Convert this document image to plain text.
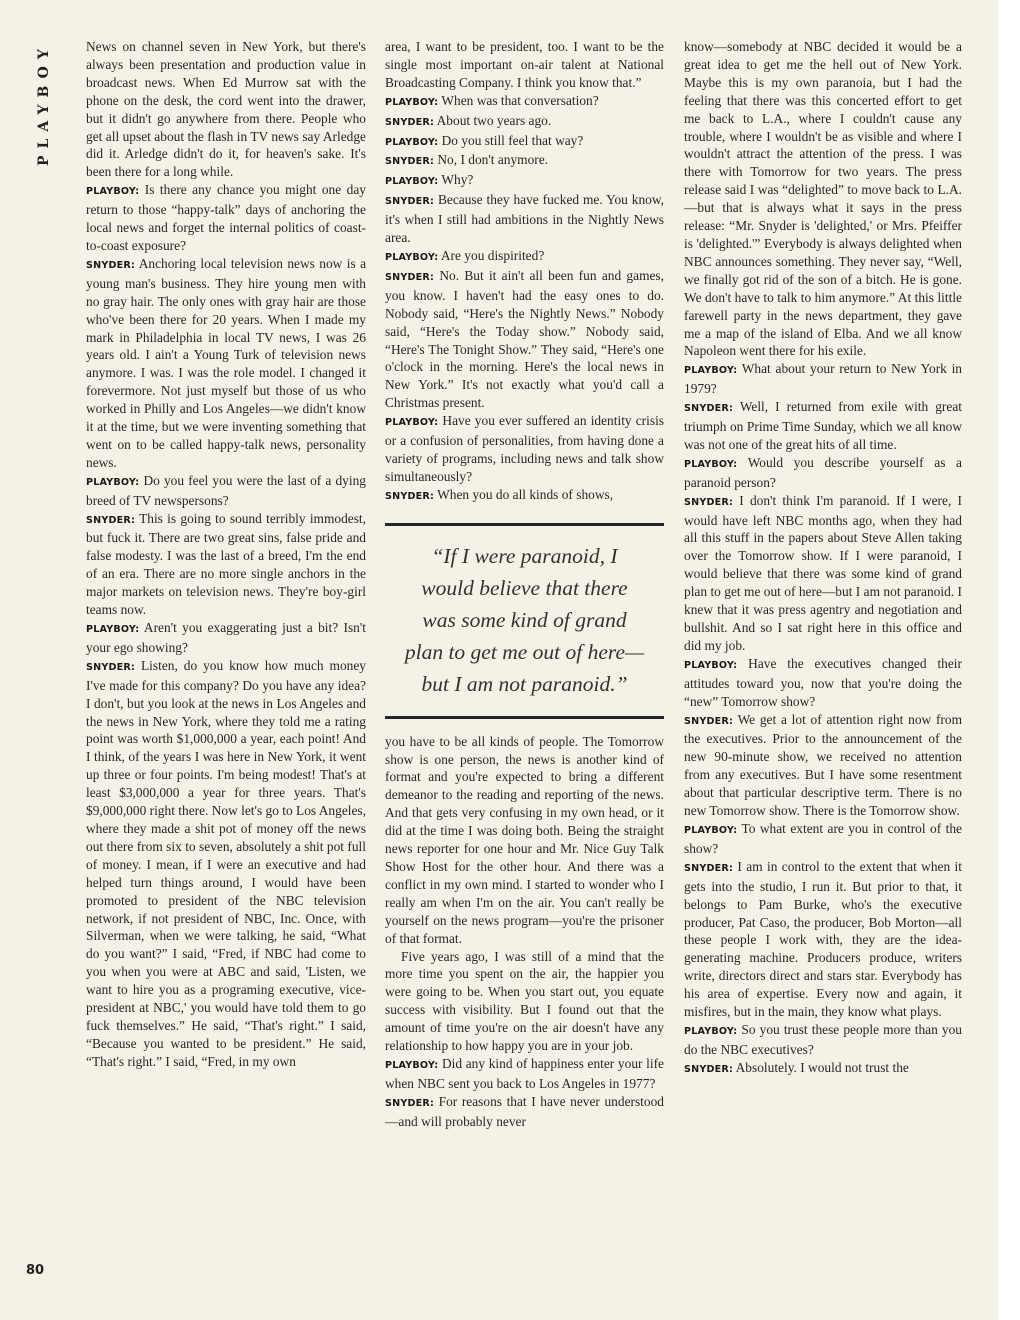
PLAYBOY
80

News on channel seven in New York, but there's always been presentation and production value in broadcast news. When Ed Murrow sat with the phone on the desk, the cord went into the drawer, but it didn't go anywhere from there. People who get all upset about the flash in TV news say Arledge did it. Arledge didn't do it, for heaven's sake. It's been there for a long while.

PLAYBOY: Is there any chance you might one day return to those “happy-talk” days of anchoring the local news and forget the internal politics of coast-to-coast exposure?

SNYDER: Anchoring local television news now is a young man's business. They hire young men with no gray hair. The only ones with gray hair are those who've been there for 20 years. When I made my mark in Philadelphia in local TV news, I was 26 years old. I ain't a Young Turk of television news anymore. I was. I was the role model. I changed it forevermore. Not just myself but those of us who worked in Philly and Los Angeles—we didn't know it at the time, but we were inventing something that went on to be called happy-talk news, personality news.

PLAYBOY: Do you feel you were the last of a dying breed of TV newspersons?

SNYDER: This is going to sound terribly immodest, but fuck it. There are two great sins, false pride and false modesty. I was the last of a breed, I'm the end of an era. There are no more single anchors in the major markets on television news. They're boy-girl teams now.

PLAYBOY: Aren't you exaggerating just a bit? Isn't your ego showing?

SNYDER: Listen, do you know how much money I've made for this company? Do you have any idea? I don't, but you look at the news in Los Angeles and the news in New York, where they told me a rating point was worth $1,000,000 a year, each point! And I think, of the years I was here in New York, it went up three or four points. I'm being modest! That's at least $3,000,000 a year for three years. That's $9,000,000 right there. Now let's go to Los Angeles, where they made a shit pot of money off the news out there from six to seven, absolutely a shit pot full of money. I mean, if I were an executive and had helped turn things around, I would have been promoted to president of the NBC television network, if not president of NBC, Inc. Once, with Silverman, when we were talking, he said, “What do you want?” I said, “Fred, if NBC had come to you when you were at ABC and said, 'Listen, we want to hire you as a programing executive, vice-president at NBC,' you would have told them to go fuck themselves.” He said, “That's right.” I said, “Because you wanted to be president.” He said, “That's right.” I said, “Fred, in my own

area, I want to be president, too. I want to be the single most important on-air talent at National Broadcasting Company. I think you know that.”

PLAYBOY: When was that conversation?

SNYDER: About two years ago.

PLAYBOY: Do you still feel that way?

SNYDER: No, I don't anymore.

PLAYBOY: Why?

SNYDER: Because they have fucked me. You know, it's when I still had ambitions in the Nightly News area.

PLAYBOY: Are you dispirited?

SNYDER: No. But it ain't all been fun and games, you know. I haven't had the easy ones to do. Nobody said, “Here's the Nightly News.” Nobody said, “Here's the Today show.” Nobody said, “Here's The Tonight Show.” They said, “Here's one o'clock in the morning. Here's the local news in New York.” It's not exactly what you'd call a Christmas present.

PLAYBOY: Have you ever suffered an identity crisis or a confusion of personalities, from having done a variety of programs, including news and talk show simultaneously?

SNYDER: When you do all kinds of shows,

“If I were paranoid, I
would believe that there
was some kind of grand
plan to get me out of here—
but I am not paranoid.”

you have to be all kinds of people. The Tomorrow show is one person, the news is another kind of format and you're expected to bring a different demeanor to the reading and reporting of the news. And that gets very confusing in my own head, or it did at the time I was doing both. Being the straight news reporter for one hour and Mr. Nice Guy Talk Show Host for the other hour. And there was a conflict in my own mind. I started to wonder who I really am when I'm on the air. You can't really be yourself on the news program—you're the prisoner of that format.

Five years ago, I was still of a mind that the more time you spent on the air, the happier you were going to be. When you start out, you equate success with visibility. But I found out that the amount of time you're on the air doesn't have any relationship to how happy you are in your job.

PLAYBOY: Did any kind of happiness enter your life when NBC sent you back to Los Angeles in 1977?

SNYDER: For reasons that I have never understood—and will probably never

know—somebody at NBC decided it would be a great idea to get me the hell out of New York. Maybe this is my own paranoia, but I had the feeling that there was this concerted effort to get me back to L.A., where I couldn't cause any trouble, where I wouldn't be as visible and where I wouldn't attract the attention of the press. I was there with Tomorrow for two years. The press release said I was “delighted” to move back to L.A.—but that is always what it says in the press release: “Mr. Snyder is 'delighted,' or Mrs. Pfeiffer is 'delighted.'” Everybody is always delighted when NBC announces something. They never say, “Well, we finally got rid of the son of a bitch. He is gone. We don't have to talk to him anymore.” At this little farewell party in the news department, they gave me a map of the island of Elba. And we all know Napoleon went there for his exile.

PLAYBOY: What about your return to New York in 1979?

SNYDER: Well, I returned from exile with great triumph on Prime Time Sunday, which we all know was not one of the great hits of all time.

PLAYBOY: Would you describe yourself as a paranoid person?

SNYDER: I don't think I'm paranoid. If I were, I would have left NBC months ago, when they had all this stuff in the papers about Steve Allen taking over the Tomorrow show. If I were paranoid, I would believe that there was some kind of grand plan to get me out of here—but I am not paranoid. I knew that it was press agentry and negotiation and bullshit. And so I sat right here in this office and did my job.

PLAYBOY: Have the executives changed their attitudes toward you, now that you're doing the “new” Tomorrow show?

SNYDER: We get a lot of attention right now from the executives. Prior to the announcement of the new 90-minute show, we received no attention from any executives. But I have some resentment about that particular descriptive term. There is no new Tomorrow show. There is the Tomorrow show.

PLAYBOY: To what extent are you in control of the show?

SNYDER: I am in control to the extent that when it gets into the studio, I run it. But prior to that, it belongs to Pam Burke, who's the executive producer, Pat Caso, the producer, Bob Morton—all these people I work with, they are the idea-generating machine. Producers produce, writers write, directors direct and stars star. Everybody has his area of expertise. Every now and again, it misfires, but in the main, they know what plays.

PLAYBOY: So you trust these people more than you do the NBC executives?

SNYDER: Absolutely. I would not trust the
